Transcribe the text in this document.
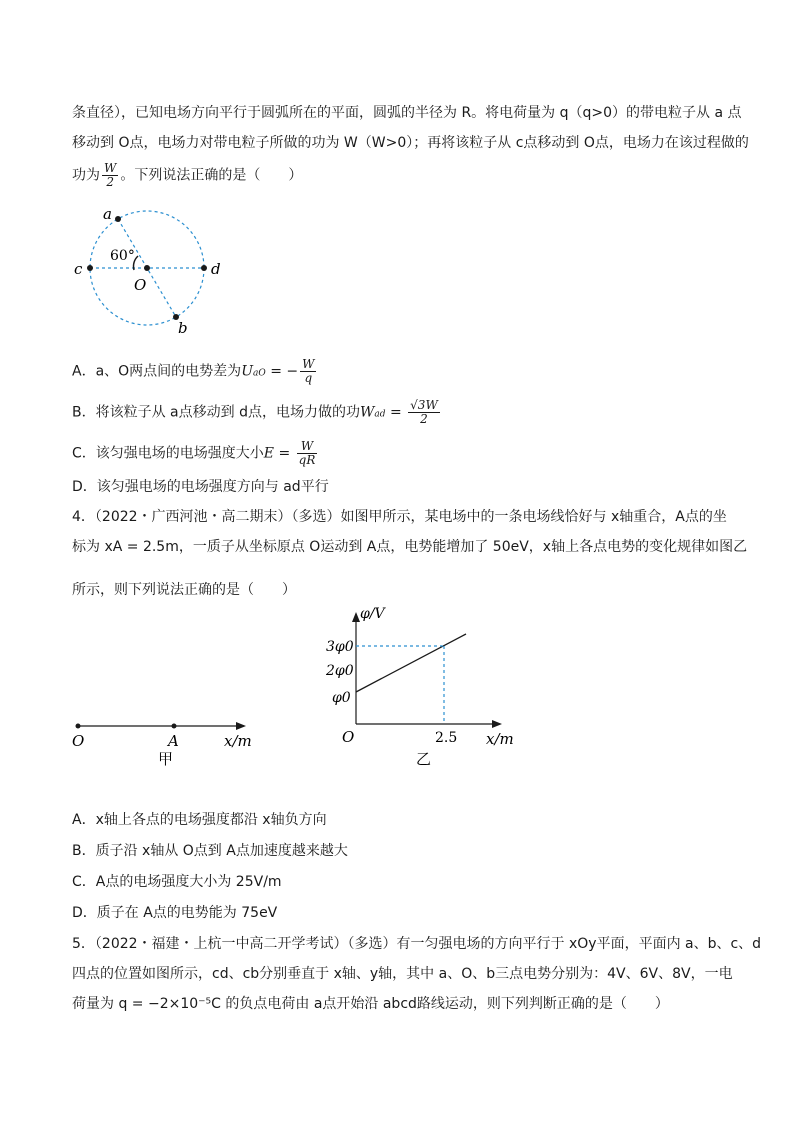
条直径），已知电场方向平行于圆弧所在的平面，圆弧的半径为 R。将电荷量为 q（q>0）的带电粒子从 a 点
移动到 O点，电场力对带电粒子所做的功为 W（W>0）；再将该粒子从 c点移动到 O点，电场力在该过程做的
功为 $\frac{W}{2}$ 。下列说法正确的是（　　）
a
b
c	d
O
60°
A．a、O两点间的电势差为UaO = − $\frac{W}{q}$
B．将该粒子从 a点移动到 d点，电场力做的功Wad = $\frac{√3W}{2}$
C．该匀强电场的电场强度大小$E = \frac{W}{qR}$
D．该匀强电场的电场强度方向与 ad平行
4．（2022・广西河池・高二期末）（多选）如图甲所示，某电场中的一条电场线恰好与 x轴重合，A点的坐
标为 xA = 2.5m，一质子从坐标原点 O运动到 A点，电势能增加了 50eV，x轴上各点电势的变化规律如图乙
所示，则下列说法正确的是（　　）
O	A	x/m
甲
φ/V
3φ0
2φ0
φ0
O	2.5 x/m
乙
A．x轴上各点的电场强度都沿 x轴负方向
B．质子沿 x轴从 O点到 A点加速度越来越大
C．A点的电场强度大小为 25V/m
D．质子在 A点的电势能为 75eV
5．（2022・福建・上杭一中高二开学考试）（多选）有一匀强电场的方向平行于 xOy平面，平面内 a、b、c、d
四点的位置如图所示，cd、cb分别垂直于 x轴、y轴，其中 a、O、b三点电势分别为：4V、6V、8V，一电
荷量为 q = −2×10⁻⁵C 的负点电荷由 a点开始沿 abcd路线运动，则下列判断正确的是（　　）
